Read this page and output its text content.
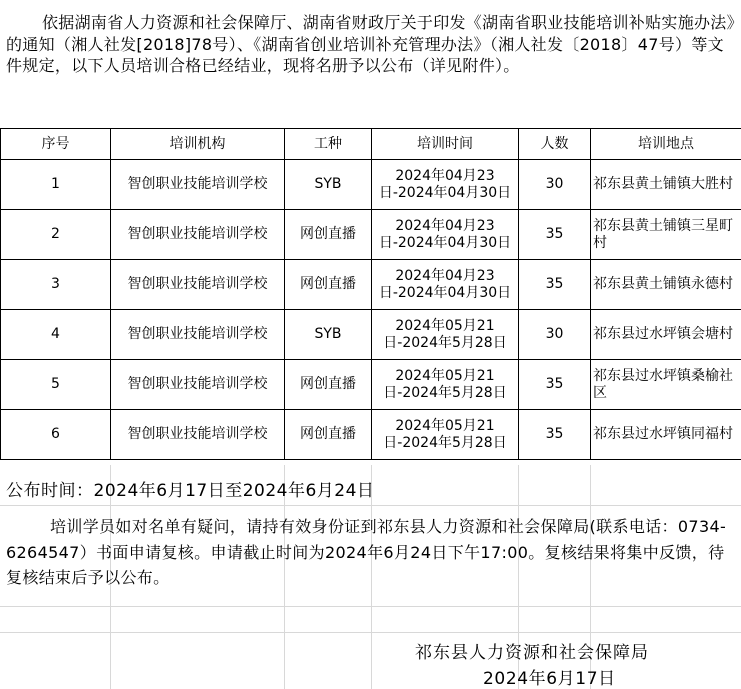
依据湖南省人力资源和社会保障厅、湖南省财政厅关于印发《湖南省职业技能培训补贴实施办法》的通知（湘人社发[2018]78号）、《湖南省创业培训补充管理办法》（湘人社发〔2018〕47号）等文件规定，以下人员培训合格已经结业，现将名册予以公布（详见附件）。
序号	培训机构	工种	培训时间	人数	培训地点
1	智创职业技能培训学校	SYB	2024年04月23日-2024年04月30日	30	祁东县黄土铺镇大胜村
2	智创职业技能培训学校	网创直播	2024年04月23日-2024年04月30日	35	祁东县黄土铺镇三星町村
3	智创职业技能培训学校	网创直播	2024年04月23日-2024年04月30日	35	祁东县黄土铺镇永德村
4	智创职业技能培训学校	SYB	2024年05月21日-2024年5月28日	30	祁东县过水坪镇会塘村
5	智创职业技能培训学校	网创直播	2024年05月21日-2024年5月28日	35	祁东县过水坪镇桑榆社区
6	智创职业技能培训学校	网创直播	2024年05月21日-2024年5月28日	35	祁东县过水坪镇同福村
公布时间：2024年6月17日至2024年6月24日
培训学员如对名单有疑问，请持有效身份证到祁东县人力资源和社会保障局(联系电话：0734-6264547）书面申请复核。申请截止时间为2024年6月24日下午17:00。复核结果将集中反馈，待复核结束后予以公布。
祁东县人力资源和社会保障局
2024年6月17日
